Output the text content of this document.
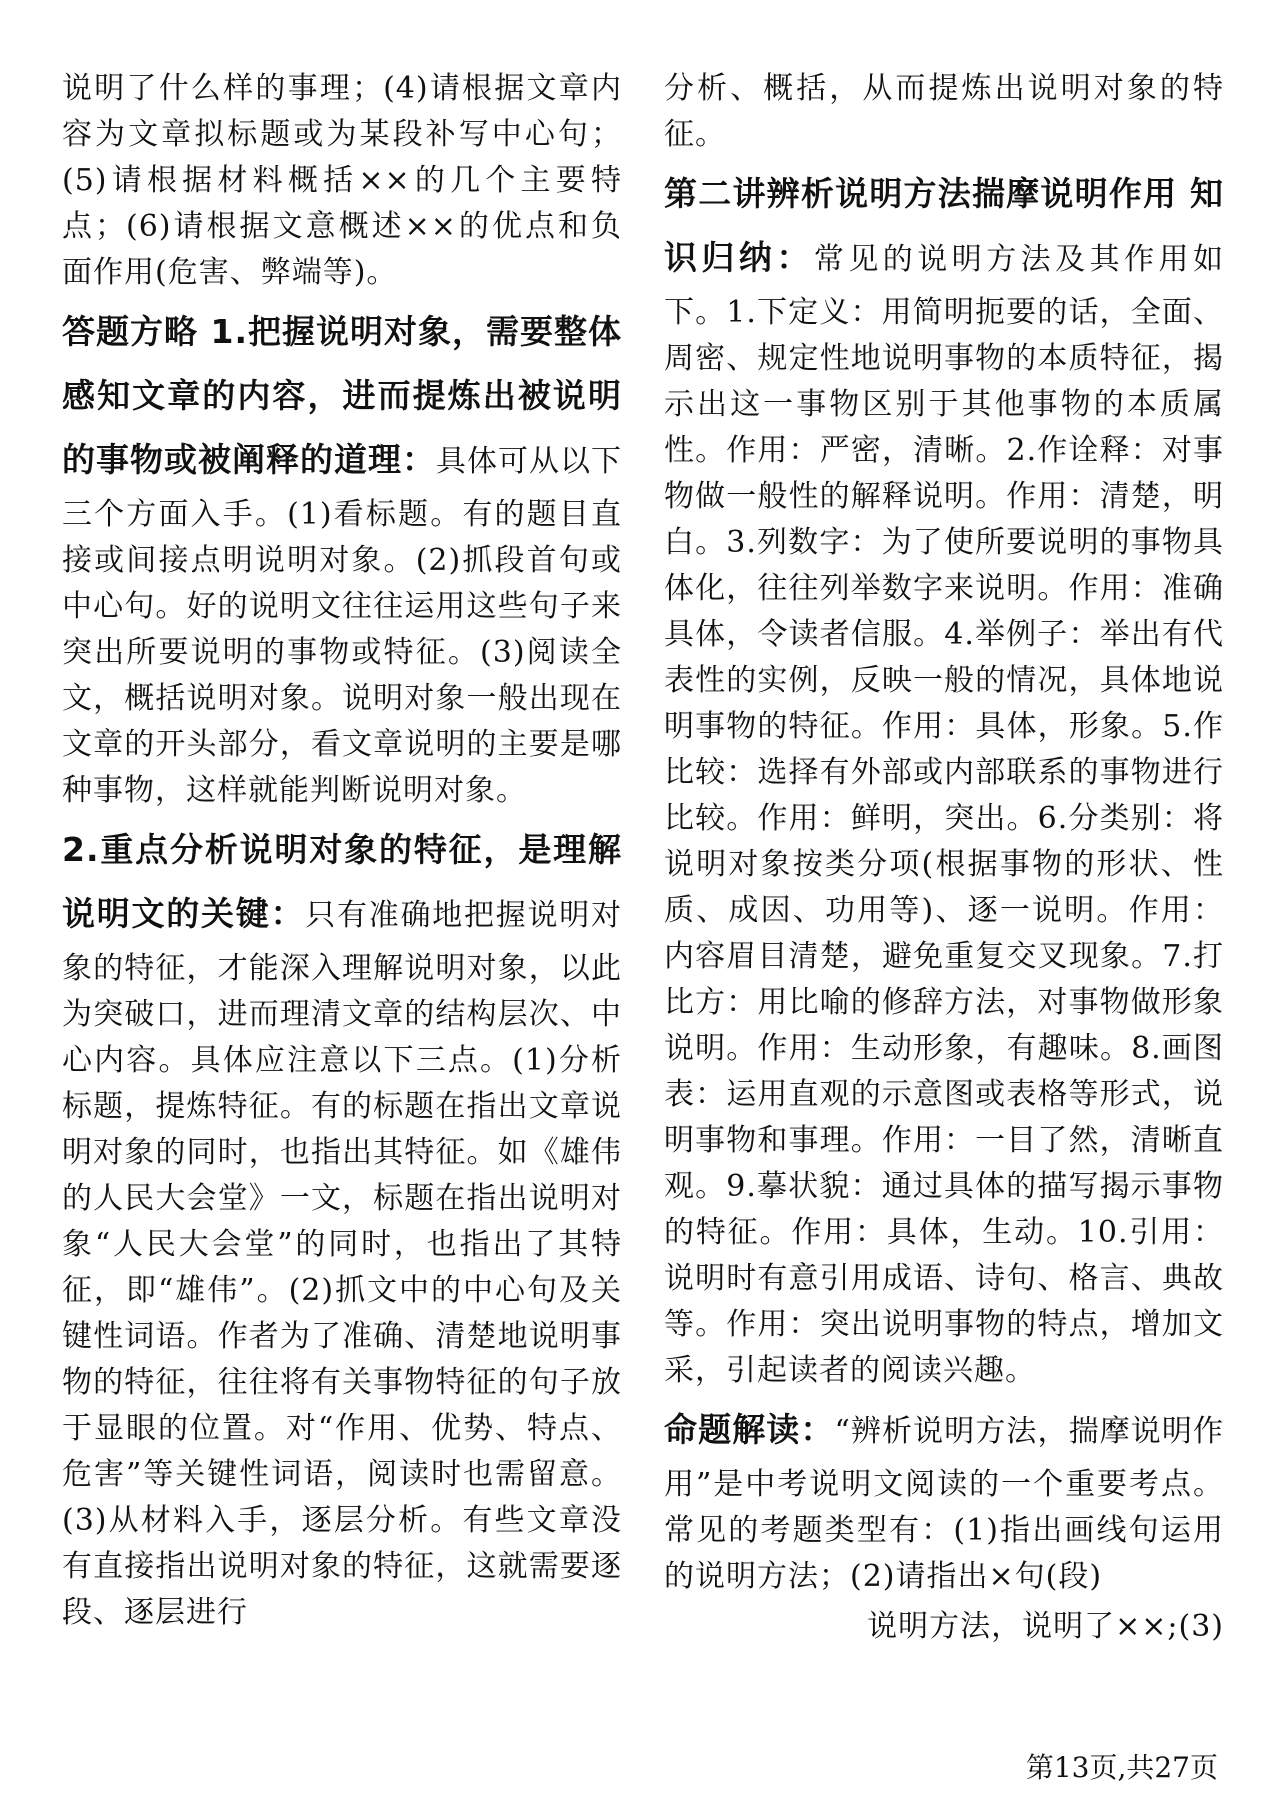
说明了什么样的事理；(4)请根据文章内容为文章拟标题或为某段补写中心句；(5)请根据材料概括××的几个主要特点；(6)请根据文意概述××的优点和负面作用(危害、弊端等)。

答题方略 1.把握说明对象，需要整体感知文章的内容，进而提炼出被说明的事物或被阐释的道理：具体可从以下三个方面入手。(1)看标题。有的题目直接或间接点明说明对象。(2)抓段首句或中心句。好的说明文往往运用这些句子来突出所要说明的事物或特征。(3)阅读全文，概括说明对象。说明对象一般出现在文章的开头部分，看文章说明的主要是哪种事物，这样就能判断说明对象。

2.重点分析说明对象的特征，是理解说明文的关键：只有准确地把握说明对象的特征，才能深入理解说明对象，以此为突破口，进而理清文章的结构层次、中心内容。具体应注意以下三点。(1)分析标题，提炼特征。有的标题在指出文章说明对象的同时，也指出其特征。如《雄伟的人民大会堂》一文，标题在指出说明对象“人民大会堂”的同时，也指出了其特征，即“雄伟”。(2)抓文中的中心句及关键性词语。作者为了准确、清楚地说明事物的特征，往往将有关事物特征的句子放于显眼的位置。对“作用、优势、特点、危害”等关键性词语，阅读时也需留意。(3)从材料入手，逐层分析。有些文章没有直接指出说明对象的特征，这就需要逐段、逐层进行

分析、概括，从而提炼出说明对象的特征。

第二讲辨析说明方法揣摩说明作用 知识归纳：常见的说明方法及其作用如下。1.下定义：用简明扼要的话，全面、周密、规定性地说明事物的本质特征，揭示出这一事物区别于其他事物的本质属性。作用：严密，清晰。2.作诠释：对事物做一般性的解释说明。作用：清楚，明白。3.列数字：为了使所要说明的事物具体化，往往列举数字来说明。作用：准确具体，令读者信服。4.举例子：举出有代表性的实例，反映一般的情况，具体地说明事物的特征。作用：具体，形象。5.作比较：选择有外部或内部联系的事物进行比较。作用：鲜明，突出。6.分类别：将说明对象按类分项(根据事物的形状、性质、成因、功用等)、逐一说明。作用：内容眉目清楚，避免重复交叉现象。7.打比方：用比喻的修辞方法，对事物做形象说明。作用：生动形象，有趣味。8.画图表：运用直观的示意图或表格等形式，说明事物和事理。作用：一目了然，清晰直观。9.摹状貌：通过具体的描写揭示事物的特征。作用：具体，生动。10.引用：说明时有意引用成语、诗句、格言、典故等。作用：突出说明事物的特点，增加文采，引起读者的阅读兴趣。

命题解读：“辨析说明方法，揣摩说明作用”是中考说明文阅读的一个重要考点。常见的考题类型有：(1)指出画线句运用的说明方法；(2)请指出×句(段)

说明方法，说明了××;(3)

第13页,共27页
